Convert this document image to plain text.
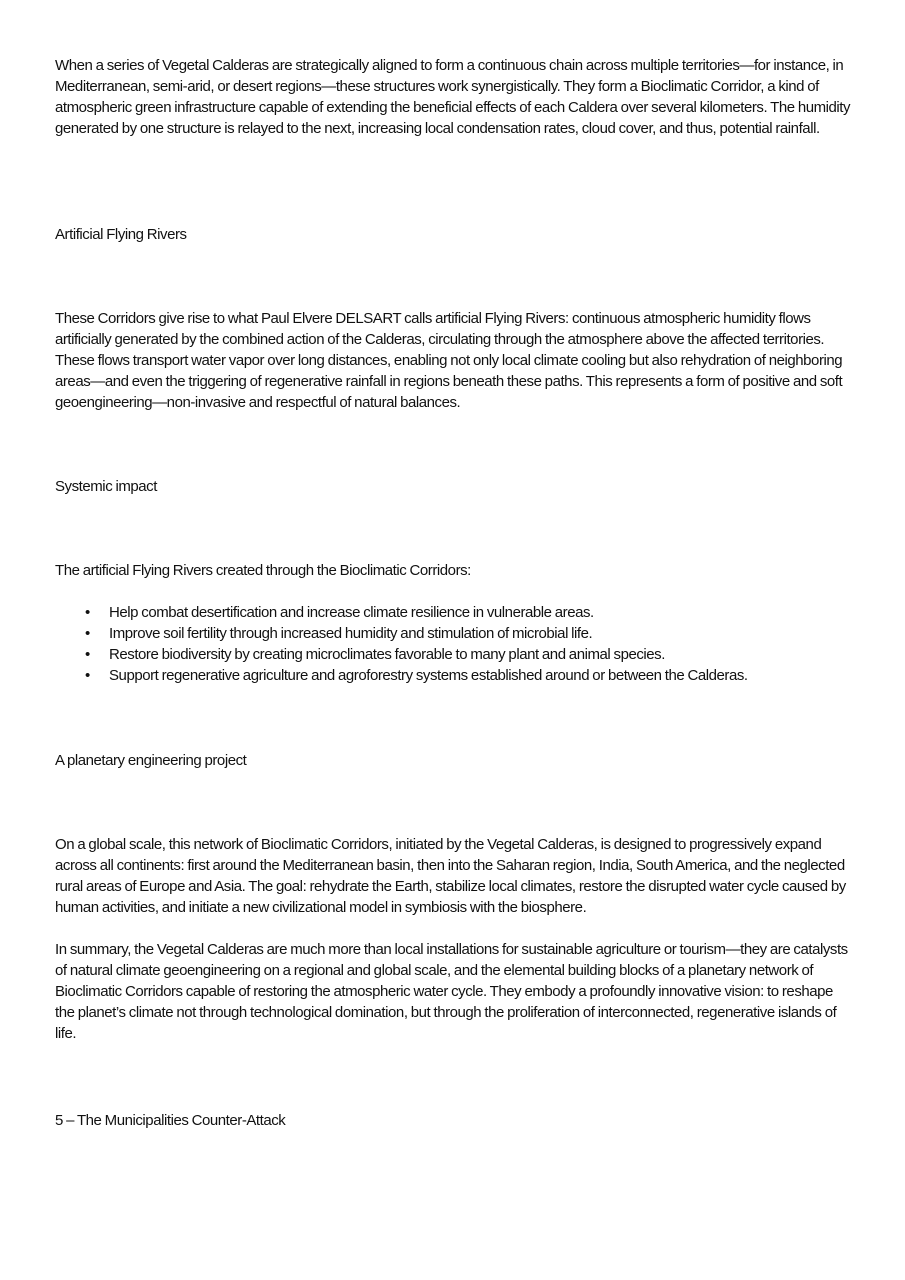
When a series of Vegetal Calderas are strategically aligned to form a continuous chain across multiple territories—for instance, in Mediterranean, semi-arid, or desert regions—these structures work synergistically. They form a Bioclimatic Corridor, a kind of atmospheric green infrastructure capable of extending the beneficial effects of each Caldera over several kilometers. The humidity generated by one structure is relayed to the next, increasing local condensation rates, cloud cover, and thus, potential rainfall.

Artificial Flying Rivers

These Corridors give rise to what Paul Elvere DELSART calls artificial Flying Rivers: continuous atmospheric humidity flows artificially generated by the combined action of the Calderas, circulating through the atmosphere above the affected territories. These flows transport water vapor over long distances, enabling not only local climate cooling but also rehydration of neighboring areas—and even the triggering of regenerative rainfall in regions beneath these paths. This represents a form of positive and soft geoengineering—non-invasive and respectful of natural balances.

Systemic impact

The artificial Flying Rivers created through the Bioclimatic Corridors:

• Help combat desertification and increase climate resilience in vulnerable areas.
• Improve soil fertility through increased humidity and stimulation of microbial life.
• Restore biodiversity by creating microclimates favorable to many plant and animal species.
• Support regenerative agriculture and agroforestry systems established around or between the Calderas.

A planetary engineering project

On a global scale, this network of Bioclimatic Corridors, initiated by the Vegetal Calderas, is designed to progressively expand across all continents: first around the Mediterranean basin, then into the Saharan region, India, South America, and the neglected rural areas of Europe and Asia. The goal: rehydrate the Earth, stabilize local climates, restore the disrupted water cycle caused by human activities, and initiate a new civilizational model in symbiosis with the biosphere.

In summary, the Vegetal Calderas are much more than local installations for sustainable agriculture or tourism—they are catalysts of natural climate geoengineering on a regional and global scale, and the elemental building blocks of a planetary network of Bioclimatic Corridors capable of restoring the atmospheric water cycle. They embody a profoundly innovative vision: to reshape the planet’s climate not through technological domination, but through the proliferation of interconnected, regenerative islands of life.

5 – The Municipalities Counter-Attack
